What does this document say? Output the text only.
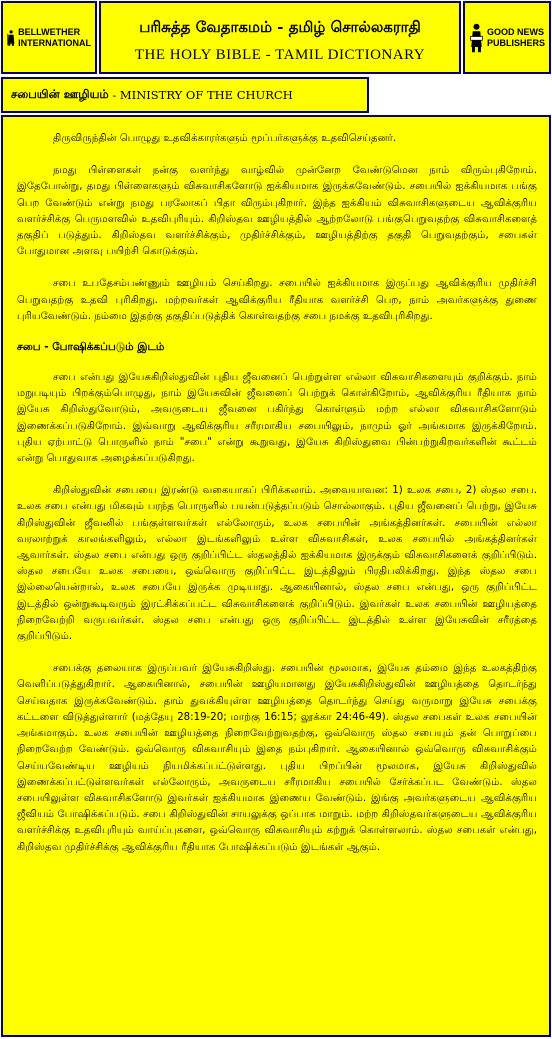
BELLWETHER
INTERNATIONAL
பரிசுத்த வேதாகமம் - தமிழ் சொல்லகராதி
THE HOLY BIBLE - TAMIL DICTIONARY
GOOD NEWS
PUBLISHERS
சபையின் ஊழியம்
- MINISTRY OF THE CHURCH

திருவிருந்தின் பொழுது உதவிக்காரர்களும் மூப்பர்களுக்கு உதவிசெய்தனர்.

நமது பிள்ளைகள் நன்கு வளர்ந்து வாழ்வில் முன்னேற வேண்டுமென நாம் விரும்புகிறோம். இதேபோன்று, தமது பிள்ளைகளும் விசுவாசிகளோடு ஐக்கியமாக இருக்கவேண்டும். சபையில் ஐக்கியமாக பங்கு பெற வேண்டும் என்று நமது பரலோகப் பிதா விரும்புகிறார். இந்த ஐக்கியம் விசுவாசிகளுடைய ஆவிக்குரிய வளர்ச்சிக்கு பெருமளவில் உதவிபுரியும். கிறிஸ்தவ ஊழியத்தில் ஆற்றலோடு பங்குபெறுவதற்கு விசுவாசிகளைத் தகுதிப் படுத்தும். கிறிஸ்தவ வளர்ச்சிக்கும், முதிர்ச்சிக்கும், ஊழியத்திற்கு தகுதி பெறுவதற்கும், சபைகள் போதுமான அளவு பயிற்சி கொடுக்கும்.

சபை உபதேசம்பண்ணும் ஊழியம் செய்கிறது. சபையில் ஐக்கியமாக இருப்பது ஆவிக்குரிய முதிர்ச்சி பெறுவதற்கு உதவி புரிகிறது. மற்றவர்கள் ஆவிக்குரிய ரீதியாக வளர்ச்சி பெற, நாம் அவர்களுக்கு துணை புரியவேண்டும். நம்மை இதற்கு தகுதிப்படுத்திக் கொள்வதற்கு சபை நமக்கு உதவிபுரிகிறது.

சபை - போஷிக்கப்படும் இடம்

சபை என்பது இயேசுகிறிஸ்துவின் புதிய ஜீவனைப் பெற்றுள்ள எல்லா விசுவாசிகளையும் குறிக்கும். நாம் மறுபடியும் பிறக்கும்பொழுது, நாம் இயேசுவின் ஜீவனைப் பெற்றுக் கொள்கிறோம், ஆவிக்குரிய ரீதியாக நாம் இயேசு கிறிஸ்துவோடும், அவருடைய ஜீவனை பகிர்ந்து கொள்ளும் மற்ற எல்லா விசுவாசிகளோடும் இணைக்கப்படுகிறோம். இவ்வாறு ஆவிக்குரிய சரீரமாகிய சபையிலும், நாமும் ஓர் அங்கமாக இருக்கிறோம். புதிய ஏற்பாட்டு பொருளில் நாம் "சபை" என்று கூறுவது, இயேசு கிறிஸ்துவை பின்பற்றுகிறவர்களின் கூட்டம் என்று பொதுவாக அழைக்கப்படுகிறது.

கிறிஸ்துவின் சபையை இரண்டு வகையாகப் பிரிக்கலாம். அவையாவன: 1) உலக சபை, 2) ஸ்தல சபை. உலக சபை என்பது மிகவும் பரந்த பொருளில் பயன்படுத்தப்படும் சொல்லாகும். புதிய ஜீவனைப் பெற்று, இயேசு கிறிஸ்துவின் ஜீவனில் பங்குள்ளவர்கள் எல்லோரும், உலக சபையின் அங்கத்தினர்கள். சபையின் எல்லா வரலாற்றுக் காலங்களிலும், எல்லா இடங்களிலும் உள்ள விசுவாசிகள், உலக சபையில் அங்கத்தினர்கள் ஆவார்கள். ஸ்தல சபை என்பது ஒரு குறிப்பிட்ட ஸ்தலத்தில் ஐக்கியமாக இருக்கும் விசுவாசிகளைக் குறிப்பிடும். ஸ்தல சபையே உலக சபையை, ஒவ்வொரு குறிப்பிட்ட இடத்திலும் பிரதிபலிக்கிறது. இந்த ஸ்தல சபை இல்லையென்றால், உலக சபையே இருக்க முடியாது. ஆகையினால், ஸ்தல சபை என்பது, ஒரு குறிப்பிட்ட இடத்தில் ஒன்றுகூடிவரும் இரட்சிக்கப்பட்ட விசுவாசிகளைக் குறிப்பிடும். இவர்கள் உலக சபையின் ஊழியத்தை நிறைவேற்றி வருபவர்கள். ஸ்தல சபை என்பது ஒரு குறிப்பிட்ட இடத்தில் உள்ள இயேசுவின் சரீரத்தை குறிப்பிடும்.

சபைக்கு தலையாக இருப்பவர் இயேசுகிறிஸ்து. சபையின் மூலமாக, இயேசு தம்மை இந்த உலகத்திற்கு வெளிப்படுத்துகிறார். ஆகையினால், சபையின் ஊழியமானது இயேசுகிறிஸ்துவின் ஊழியத்தை தொடர்ந்து செய்வதாக இருக்கவேண்டும். தாம் துவக்கியுள்ள ஊழியத்தை தொடர்ந்து செய்து வருமாறு இயேசு சபைக்கு கட்டளை விடுத்துள்ளார் (மத்தேயு 28:19-20; மாற்கு 16:15; லூக்கா 24:46-49). ஸ்தல சபைகள் உலக சபையின் அங்கமாகும். உலக சபையின் ஊழியத்தை நிறைவேற்றுவதற்கு, ஒவ்வொரு ஸ்தல சபையும் தன் பொறுப்பை நிறைவேற்ற வேண்டும். ஒவ்வொரு விசுவாசியும் இதை நம்புகிறார். ஆகையினால் ஒவ்வொரு விசுவாசிக்கும் செய்யவேண்டிய ஊழியம் நியமிக்கப்பட்டுள்ளது. புதிய பிறப்பின் மூலமாக, இயேசு கிறிஸ்துவில் இணைக்கப்பட்டுள்ளவர்கள் எல்லோரும், அவருடைய சரீரமாகிய சபையில் சேர்க்கப்பட வேண்டும். ஸ்தல சபையிலுள்ள விசுவாசிகளோடு இவர்கள் ஐக்கியமாக இணைய வேண்டும். இங்கு அவர்களுடைய ஆவிக்குரிய ஜீவியம் போஷிக்கப்படும். சபை கிறிஸ்துவின் சாயலுக்கு ஒப்பாக மாறும். மற்ற கிறிஸ்தவர்களுடைய ஆவிக்குரிய வளர்ச்சிக்கு உதவிபுரியும் வாய்ப்புகளை, ஒவ்வொரு விசுவாசியும் கற்றுக் கொள்ளலாம். ஸ்தல சபைகள் என்பது, கிறிஸ்தவ முதிர்ச்சிக்கு ஆவிக்குரிய ரீதியாக போஷிக்கப்படும் இடங்கள் ஆகும்.
